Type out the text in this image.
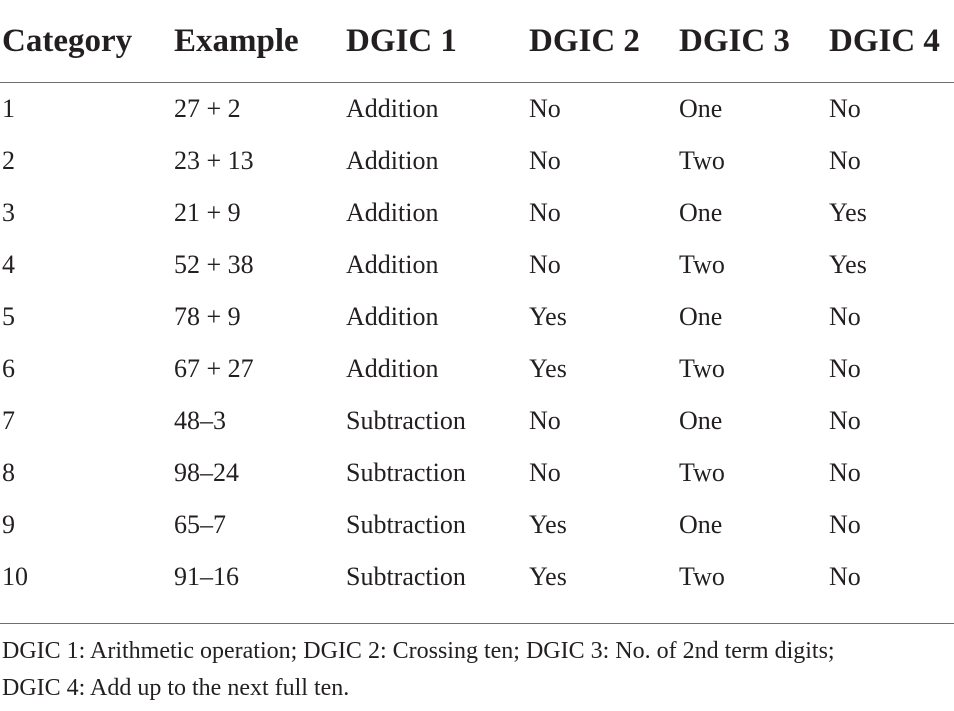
Category	Example	DGIC 1	DGIC 2	DGIC 3	DGIC 4
1	27 + 2	Addition	No	One	No
2	23 + 13	Addition	No	Two	No
3	21 + 9	Addition	No	One	Yes
4	52 + 38	Addition	No	Two	Yes
5	78 + 9	Addition	Yes	One	No
6	67 + 27	Addition	Yes	Two	No
7	48–3	Subtraction	No	One	No
8	98–24	Subtraction	No	Two	No
9	65–7	Subtraction	Yes	One	No
10	91–16	Subtraction	Yes	Two	No

DGIC 1: Arithmetic operation; DGIC 2: Crossing ten; DGIC 3: No. of 2nd term digits;
DGIC 4: Add up to the next full ten.
